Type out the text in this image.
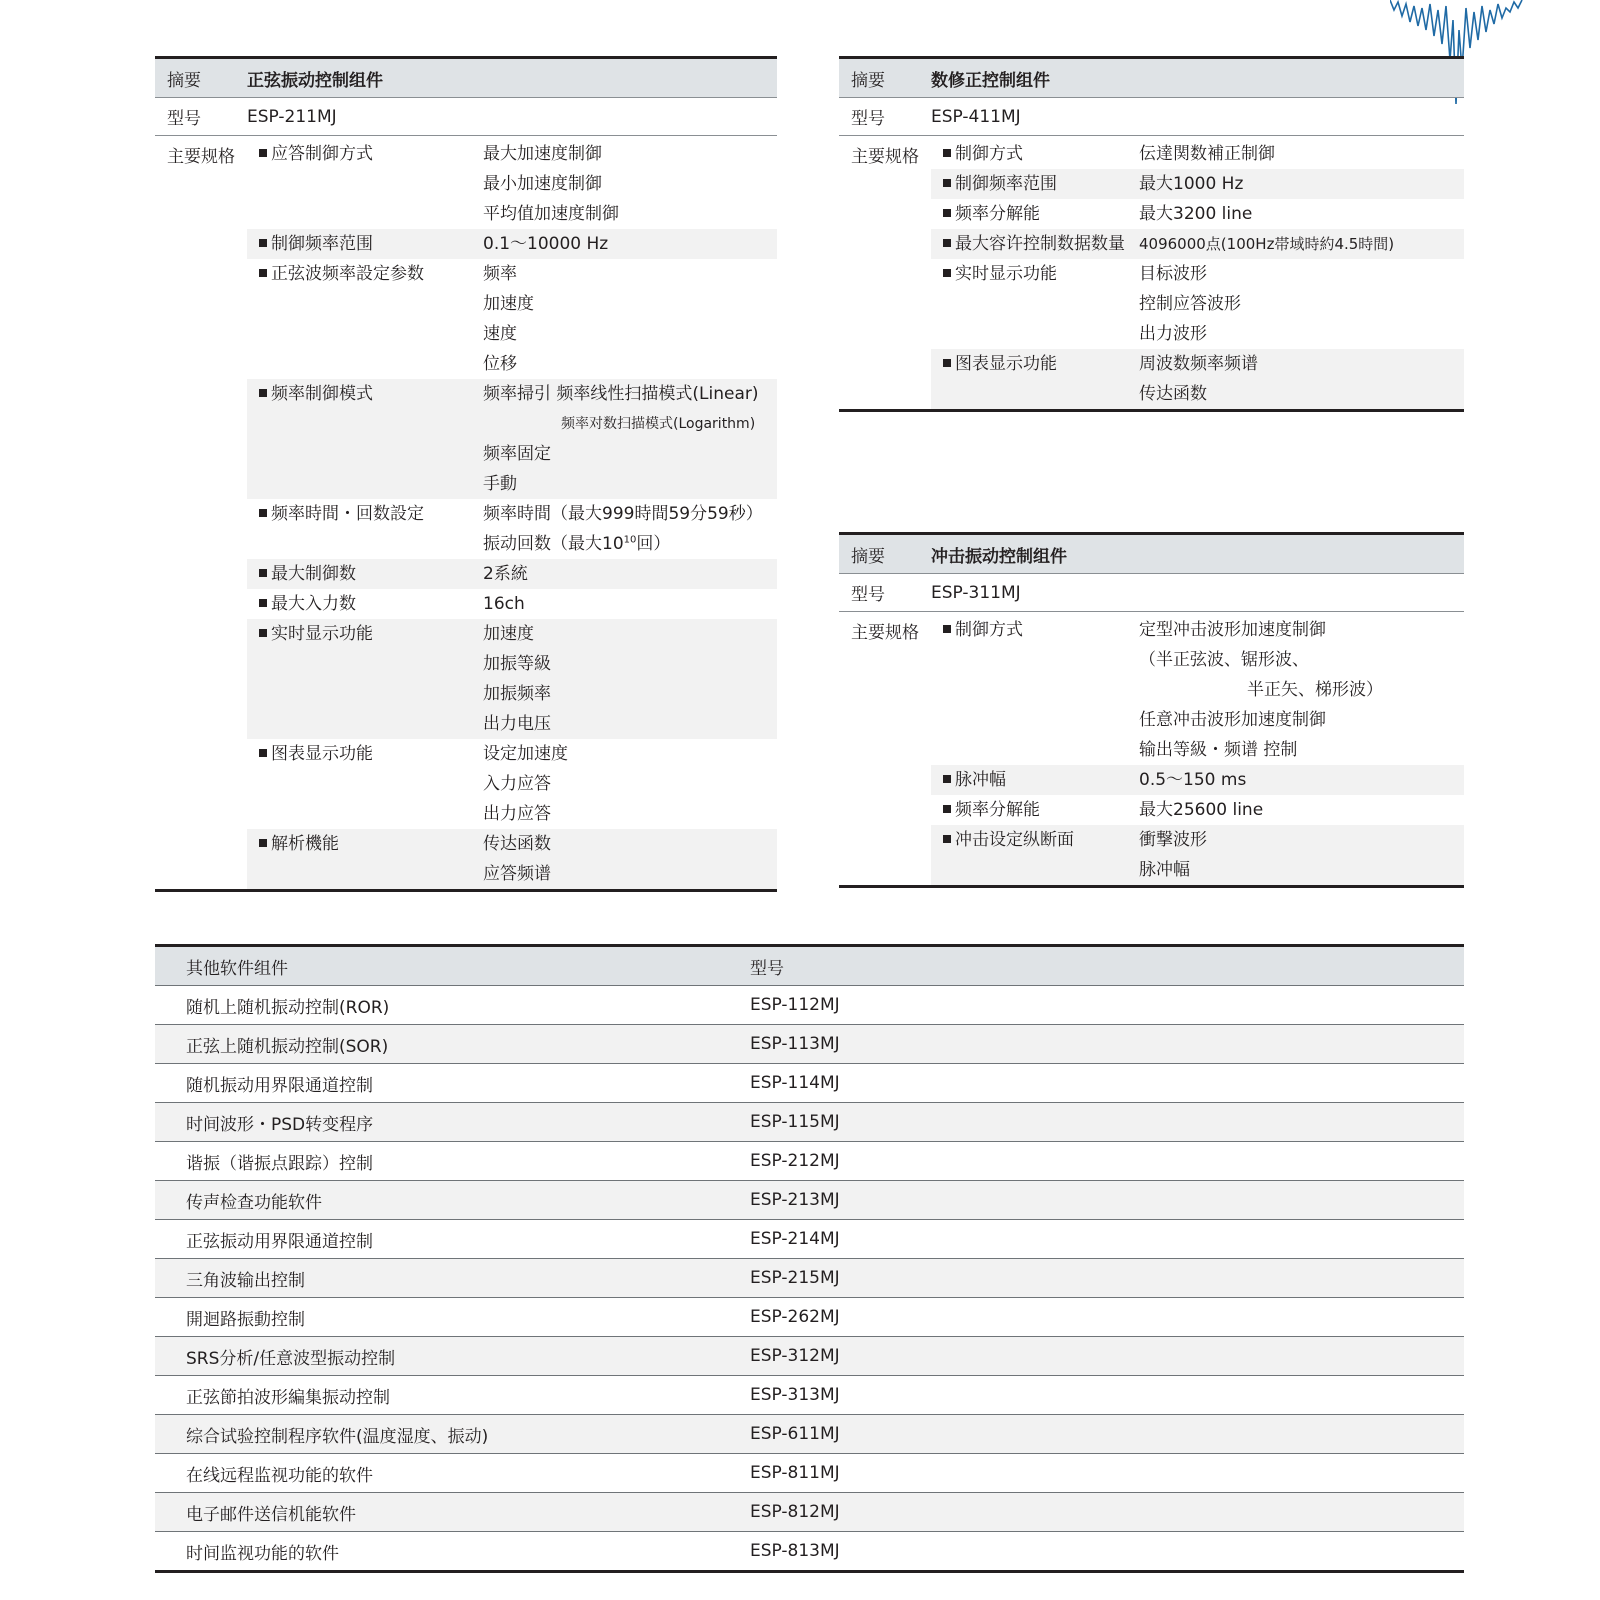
摘要	正弦振动控制组件
型号	ESP-211MJ
主要规格	应答制御方式	最大加速度制御
最小加速度制御
平均值加速度制御
制御频率范围	0.1～10000 Hz
正弦波频率設定参数	频率
加速度
速度
位移
频率制御模式	频率掃引 频率线性扫描模式(Linear)
频率对数扫描模式(Logarithm)
频率固定
手動
频率時間・回数設定	频率時間（最大999時間59分59秒）
振动回数（最大$10^{10}$回）
最大制御数	2系統
最大入力数	16ch
实时显示功能	加速度
加振等級
加振频率
出力电压
图表显示功能	设定加速度
入力应答
出力应答
解析機能	传达函数
应答频谱
摘要	数修正控制组件
型号	ESP-411MJ
主要规格	制御方式	伝達関数補正制御
制御频率范围	最大1000 Hz
频率分解能	最大3200 line
最大容许控制数据数量 4096000点(100Hz帯域時約4.5時間)
实时显示功能	目标波形
控制应答波形
出力波形
图表显示功能	周波数频率频谱
传达函数
摘要	冲击振动控制组件
型号	ESP-311MJ
主要规格	制御方式	定型冲击波形加速度制御
（半正弦波、锯形波、
半正矢、梯形波）
任意冲击波形加速度制御
输出等級・频谱 控制
脉冲幅	0.5～150 ms
频率分解能	最大25600 line
冲击设定纵断面	衝撃波形
脉冲幅
其他软件组件	型号
随机上随机振动控制(ROR)	ESP-112MJ
正弦上随机振动控制(SOR)	ESP-113MJ
随机振动用界限通道控制	ESP-114MJ
时间波形・PSD转变程序	ESP-115MJ
谐振（谐振点跟踪）控制	ESP-212MJ
传声检查功能软件	ESP-213MJ
正弦振动用界限通道控制	ESP-214MJ
三角波输出控制	ESP-215MJ
開迴路振動控制	ESP-262MJ
SRS分析/任意波型振动控制	ESP-312MJ
正弦節拍波形編集振动控制	ESP-313MJ
综合试验控制程序软件(温度湿度、振动)	ESP-611MJ
在线远程监视功能的软件	ESP-811MJ
电子邮件送信机能软件	ESP-812MJ
时间监视功能的软件	ESP-813MJ
